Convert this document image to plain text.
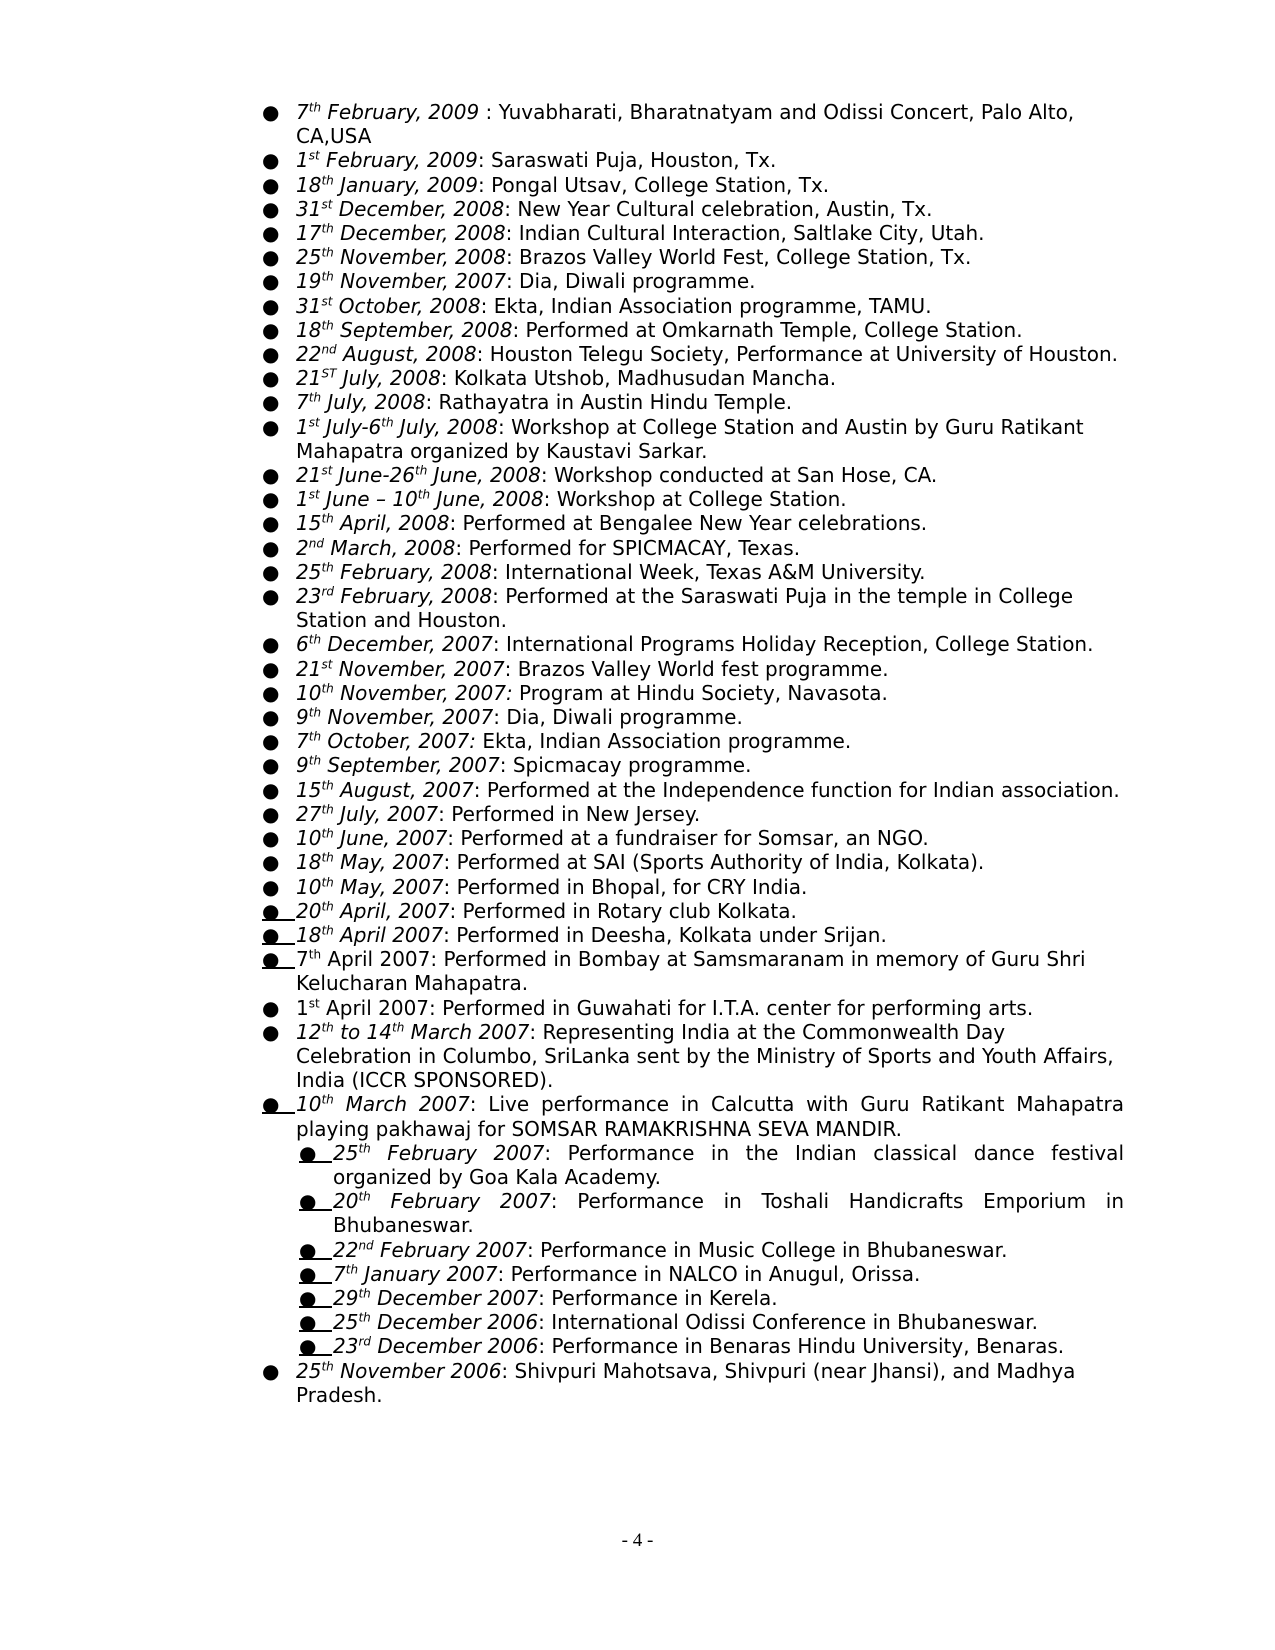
● 7th February, 2009 : Yuvabharati, Bharatnatyam and Odissi Concert, Palo Alto, CA,USA
● 1st February, 2009: Saraswati Puja, Houston, Tx.
● 18th January, 2009: Pongal Utsav, College Station, Tx.
● 31st December, 2008: New Year Cultural celebration, Austin, Tx.
● 17th December, 2008: Indian Cultural Interaction, Saltlake City, Utah.
● 25th November, 2008: Brazos Valley World Fest, College Station, Tx.
● 19th November, 2007: Dia, Diwali programme.
● 31st October, 2008: Ekta, Indian Association programme, TAMU.
● 18th September, 2008: Performed at Omkarnath Temple, College Station.
● 22nd August, 2008: Houston Telegu Society, Performance at University of Houston.
● 21ST July, 2008: Kolkata Utshob, Madhusudan Mancha.
● 7th July, 2008: Rathayatra in Austin Hindu Temple.
● 1st July-6th July, 2008: Workshop at College Station and Austin by Guru Ratikant Mahapatra organized by Kaustavi Sarkar.
● 21st June-26th June, 2008: Workshop conducted at San Hose, CA.
● 1st June – 10th June, 2008: Workshop at College Station.
● 15th April, 2008: Performed at Bengalee New Year celebrations.
● 2nd March, 2008: Performed for SPICMACAY, Texas.
● 25th February, 2008: International Week, Texas A&M University.
● 23rd February, 2008: Performed at the Saraswati Puja in the temple in College Station and Houston.
● 6th December, 2007: International Programs Holiday Reception, College Station.
● 21st November, 2007: Brazos Valley World fest programme.
● 10th November, 2007: Program at Hindu Society, Navasota.
● 9th November, 2007: Dia, Diwali programme.
● 7th October, 2007: Ekta, Indian Association programme.
● 9th September, 2007: Spicmacay programme.
● 15th August, 2007: Performed at the Independence function for Indian association.
● 27th July, 2007: Performed in New Jersey.
● 10th June, 2007: Performed at a fundraiser for Somsar, an NGO.
● 18th May, 2007: Performed at SAI (Sports Authority of India, Kolkata).
● 10th May, 2007: Performed in Bhopal, for CRY India.
● 20th April, 2007: Performed in Rotary club Kolkata.
● 18th April 2007: Performed in Deesha, Kolkata under Srijan.
● 7th April 2007: Performed in Bombay at Samsmaranam in memory of Guru Shri Kelucharan Mahapatra.
● 1st April 2007: Performed in Guwahati for I.T.A. center for performing arts.
● 12th to 14th March 2007: Representing India at the Commonwealth Day Celebration in Columbo, SriLanka sent by the Ministry of Sports and Youth Affairs, India (ICCR SPONSORED).
● 10th March 2007: Live performance in Calcutta with Guru Ratikant Mahapatra playing pakhawaj for SOMSAR RAMAKRISHNA SEVA MANDIR.
● 25th February 2007: Performance in the Indian classical dance festival organized by Goa Kala Academy.
● 20th February 2007: Performance in Toshali Handicrafts Emporium in Bhubaneswar.
● 22nd February 2007: Performance in Music College in Bhubaneswar.
● 7th January 2007: Performance in NALCO in Anugul, Orissa.
● 29th December 2007: Performance in Kerela.
● 25th December 2006: International Odissi Conference in Bhubaneswar.
● 23rd December 2006: Performance in Benaras Hindu University, Benaras.
● 25th November 2006: Shivpuri Mahotsava, Shivpuri (near Jhansi), and Madhya Pradesh.
- 4 -
